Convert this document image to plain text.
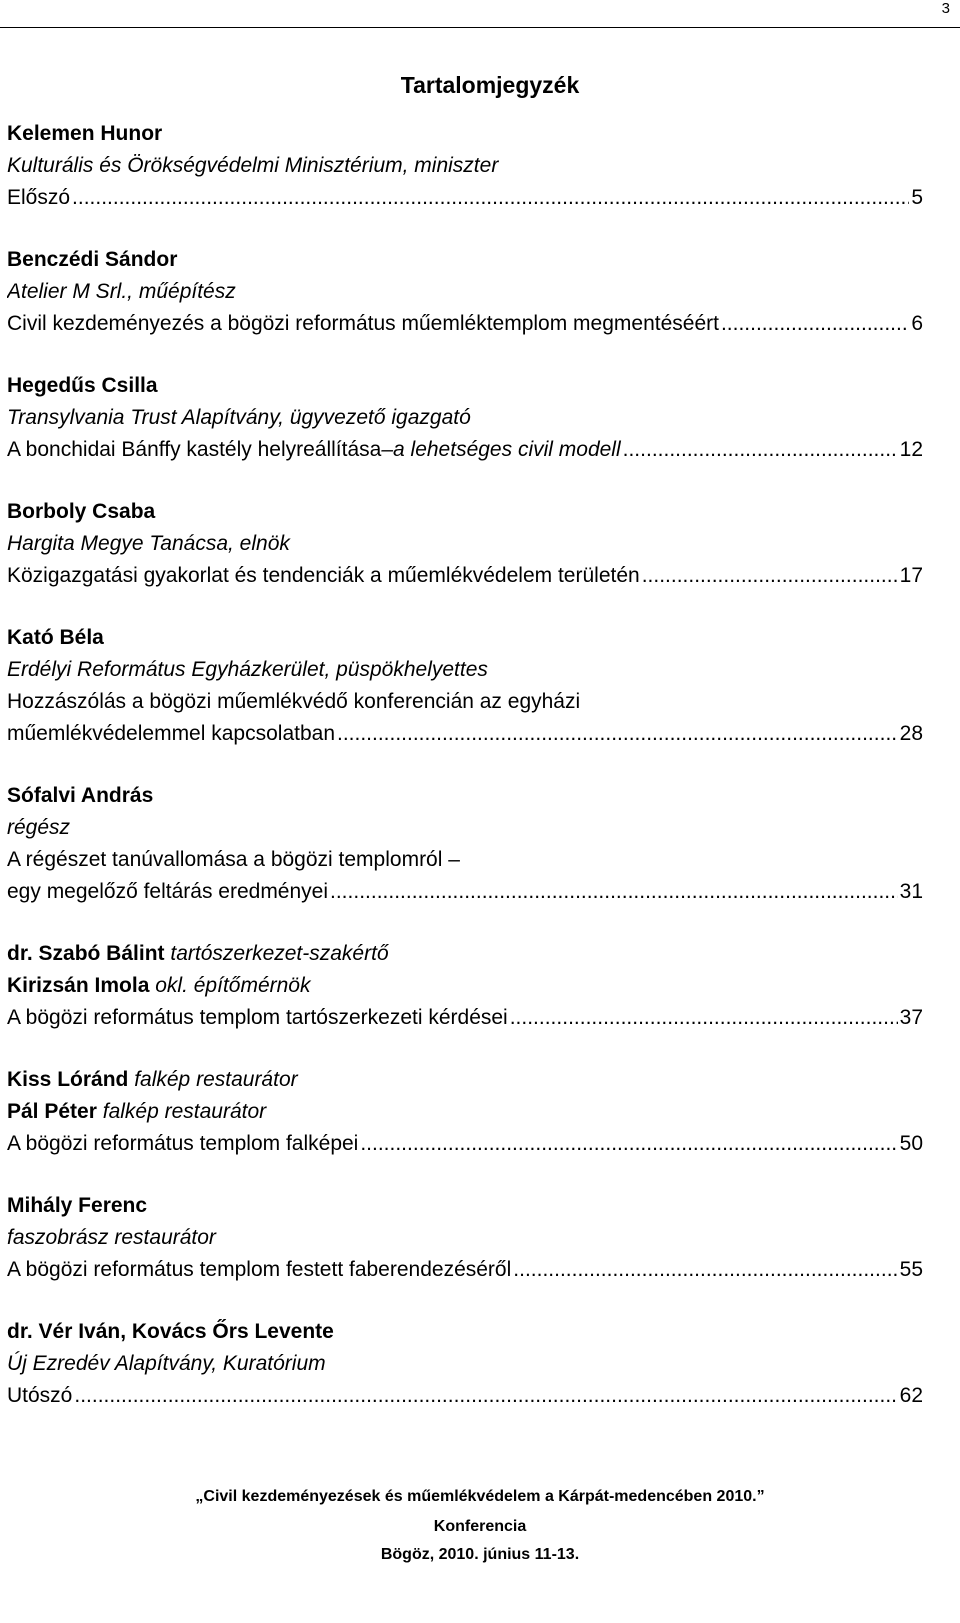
3
Tartalomjegyzék
Kelemen Hunor
Kulturális és Örökségvédelmi Minisztérium, miniszter
Előszó .....	5
Benczédi Sándor
Atelier M Srl., műépítész
Civil kezdeményezés a bögözi református műemléktemplom megmentéséért .....	6
Hegedűs Csilla
Transylvania Trust Alapítvány, ügyvezető igazgató
A bonchidai Bánffy kastély helyreállítása–a lehetséges civil modell .....	12
Borboly Csaba
Hargita Megye Tanácsa, elnök
Közigazgatási gyakorlat és tendenciák a műemlékvédelem területén .....	17
Kató Béla
Erdélyi Református Egyházkerület, püspökhelyettes
Hozzászólás a bögözi műemlékvédő konferencián az egyházi
műemlékvédelemmel kapcsolatban .....	28
Sófalvi András
régész
A régészet tanúvallomása a bögözi templomról –
egy megelőző feltárás eredményei .....	31
dr. Szabó Bálint tartószerkezet-szakértő
Kirizsán Imola okl. építőmérnök
A bögözi református templom tartószerkezeti kérdései .....	37
Kiss Lóránd falkép restaurátor
Pál Péter falkép restaurátor
A bögözi református templom falképei .....	50
Mihály Ferenc
faszobrász restaurátor
A bögözi református templom festett faberendezéséről .....	55
dr. Vér Iván, Kovács Őrs Levente
Új Ezredév Alapítvány, Kuratórium
Utószó .....	62
„Civil kezdeményezések és műemlékvédelem a Kárpát-medencében 2010.”
Konferencia
Bögöz, 2010. június 11-13.
